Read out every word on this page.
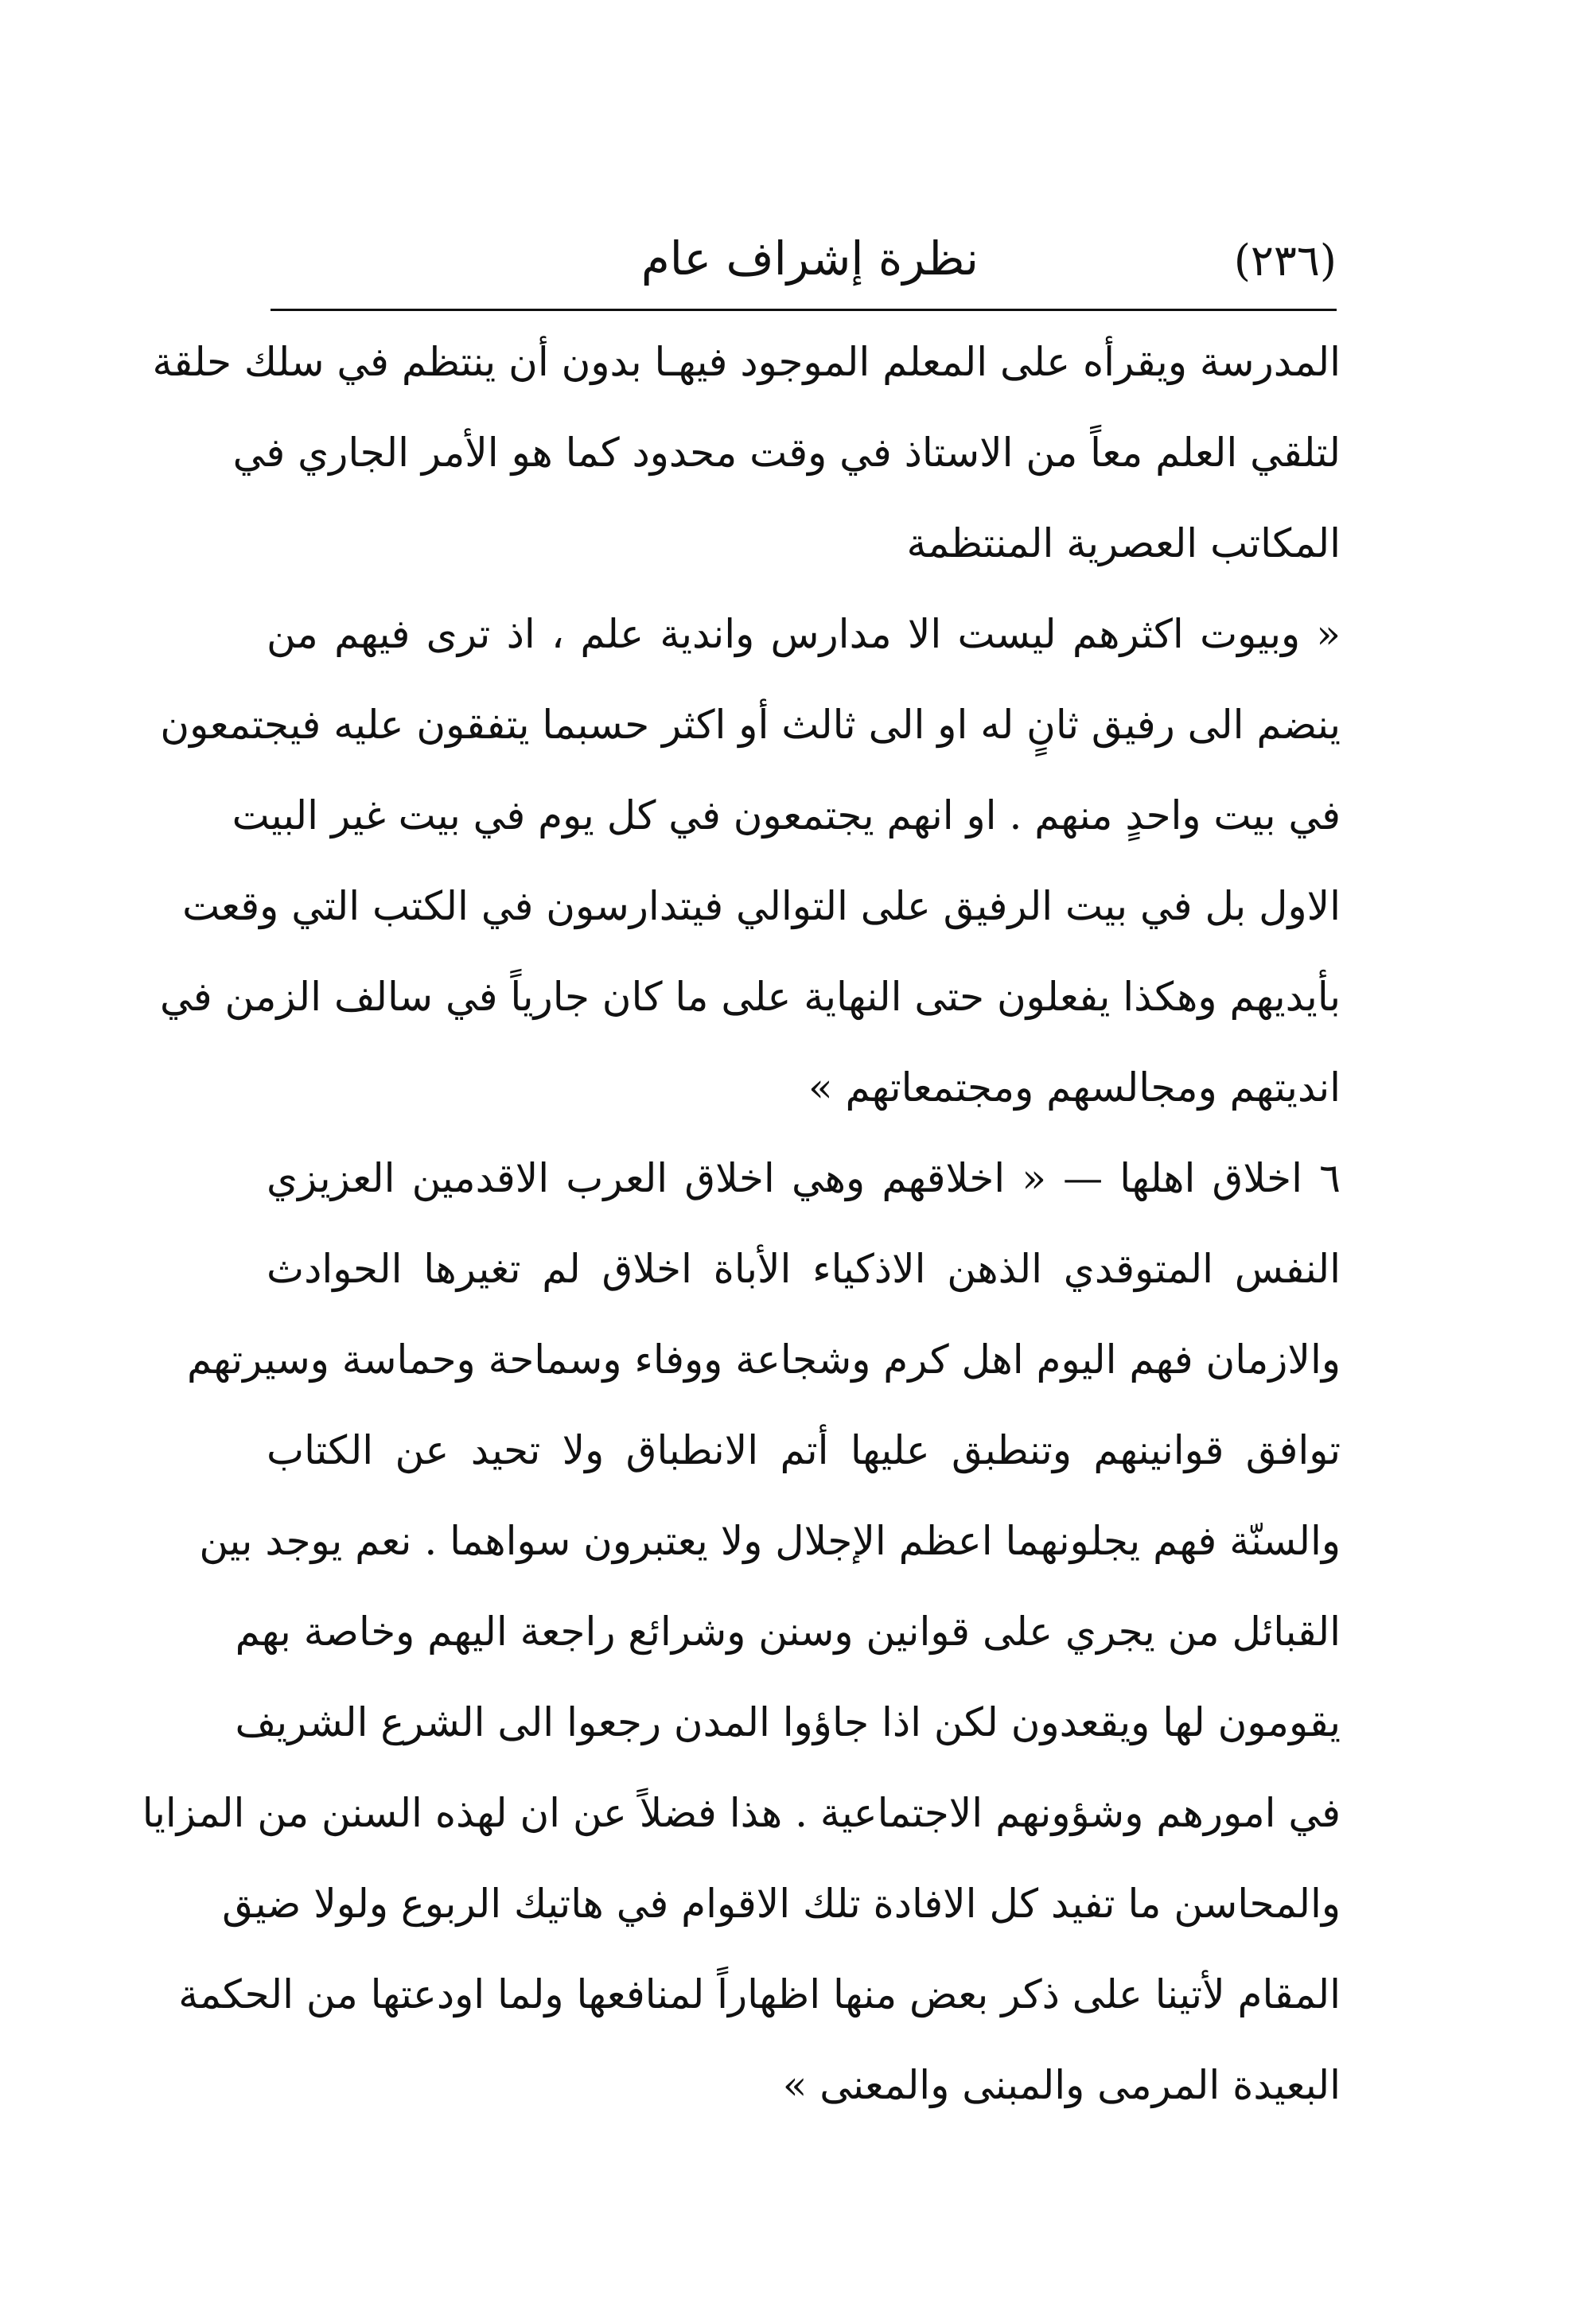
(٢٣٦)
نظرة إشراف عام
المدرسة ويقرأه على المعلم الموجود فيهـا بدون أن ينتظم في سلك حلقة
لتلقي العلم معاً من الاستاذ في وقت محدود كما هو الأمر الجاري في
المكاتب العصرية المنتظمة
« وبيوت اكثرهم ليست الا مدارس واندية علم ، اذ ترى فيهم من
ينضم الى رفيق ثانٍ له او الى ثالث أو اكثر حسبما يتفقون عليه فيجتمعون
في بيت واحدٍ منهم . او انهم يجتمعون في كل يوم في بيت غير البيت
الاول بل في بيت الرفيق على التوالي فيتدارسون في الكتب التي وقعت
بأيديهم وهكذا يفعلون حتى النهاية على ما كان جارياً في سالف الزمن في
انديتهم ومجالسهم ومجتمعاتهم »
٦ اخلاق اهلها — « اخلاقهم وهي اخلاق العرب الاقدمين العزيزي
النفس المتوقدي الذهن الاذكياء الأباة اخلاق لم تغيرها الحوادث
والازمان فهم اليوم اهل كرم وشجاعة ووفاء وسماحة وحماسة وسيرتهم
توافق قوانينهم وتنطبق عليها أتم الانطباق ولا تحيد عن الكتاب
والسنّة فهم يجلونهما اعظم الإجلال ولا يعتبرون سواهما . نعم يوجد بين
القبائل من يجري على قوانين وسنن وشرائع راجعة اليهم وخاصة بهم
يقومون لها ويقعدون لكن اذا جاؤوا المدن رجعوا الى الشرع الشريف
في امورهم وشؤونهم الاجتماعية . هذا فضلاً عن ان لهذه السنن من المزايا
والمحاسن ما تفيد كل الافادة تلك الاقوام في هاتيك الربوع ولولا ضيق
المقام لأتينا على ذكر بعض منها اظهاراً لمنافعها ولما اودعتها من الحكمة
البعيدة المرمى والمبنى والمعنى »
